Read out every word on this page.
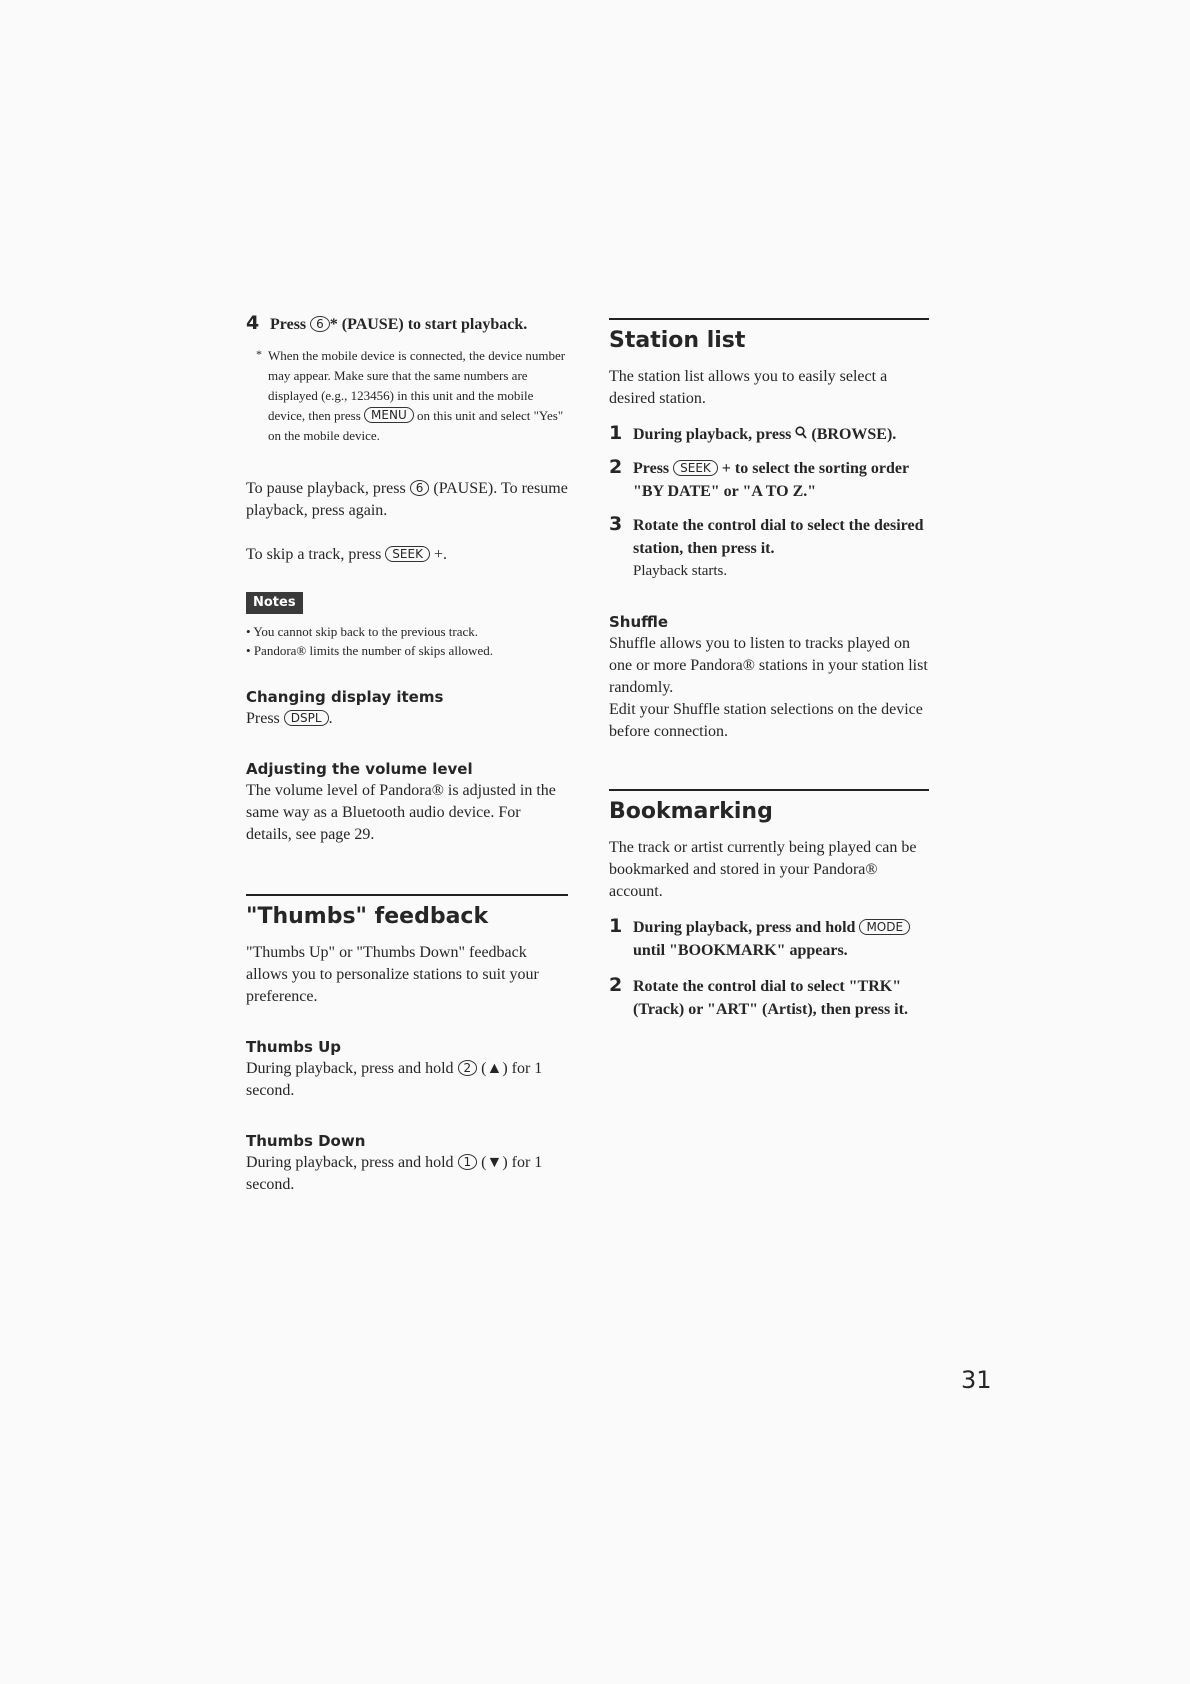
4 Press 6 * (PAUSE) to start playback.
* When the mobile device is connected, the device number may appear. Make sure that the same numbers are displayed (e.g., 123456) in this unit and the mobile device, then press MENU on this unit and select "Yes" on the mobile device.

To pause playback, press 6 (PAUSE). To resume playback, press again.

To skip a track, press SEEK +.

Notes
• You cannot skip back to the previous track.
• Pandora® limits the number of skips allowed.

Changing display items

Press DSPL .

Adjusting the volume level

The volume level of Pandora® is adjusted in the same way as a Bluetooth audio device. For details, see page 29.

"Thumbs" feedback

"Thumbs Up" or "Thumbs Down" feedback allows you to personalize stations to suit your preference.

Thumbs Up

During playback, press and hold 2 (▲) for 1 second.

Thumbs Down

During playback, press and hold 1 (▼) for 1 second.

Station list

The station list allows you to easily select a desired station.

1 During playback, press (BROWSE).
2 Press SEEK + to select the sorting order "BY DATE" or "A TO Z."
3 Rotate the control dial to select the desired station, then press it.
Playback starts.

Shuffle

Shuffle allows you to listen to tracks played on one or more Pandora® stations in your station list randomly.

Edit your Shuffle station selections on the device before connection.

Bookmarking

The track or artist currently being played can be bookmarked and stored in your Pandora® account.

1 During playback, press and hold MODE until "BOOKMARK" appears.
2 Rotate the control dial to select "TRK" (Track) or "ART" (Artist), then press it.
31
